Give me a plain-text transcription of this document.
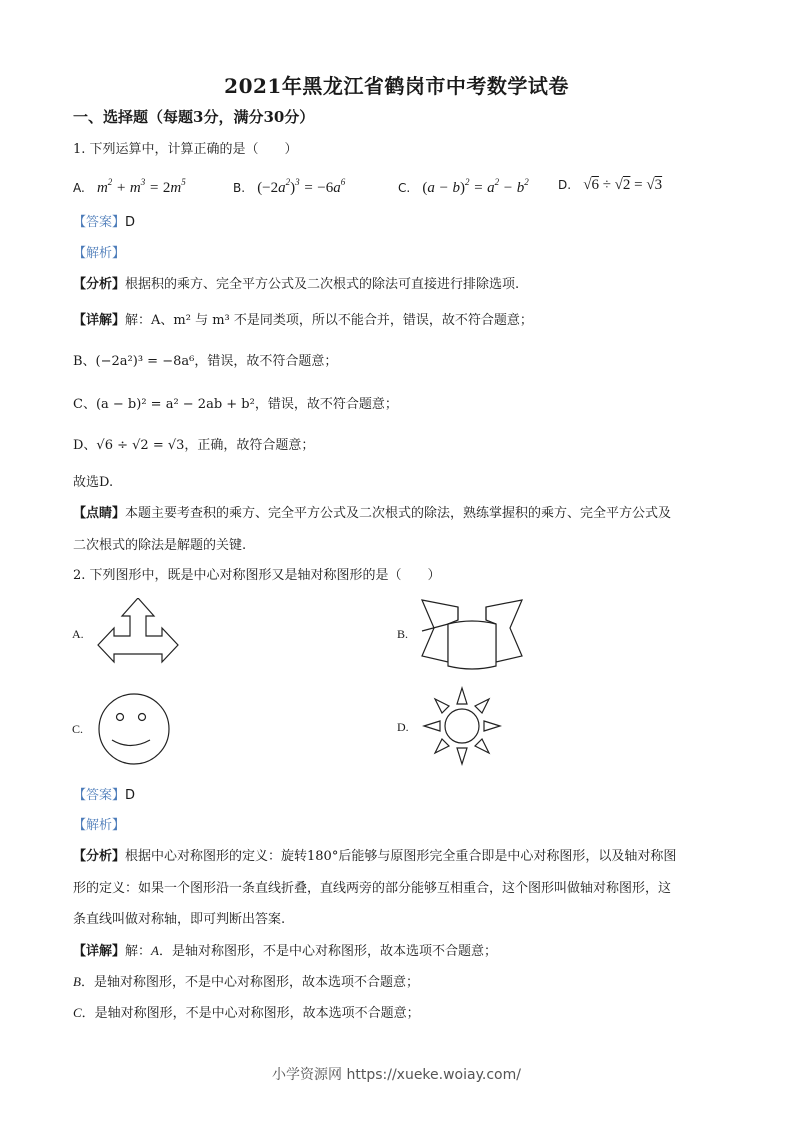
2021年黑龙江省鹤岗市中考数学试卷
一、选择题（每题3分，满分30分）
1. 下列运算中，计算正确的是（　　）
A. $m^2 + m^3 = 2m^5$	B. $(-2a^2)^3 = -6a^6$	C. $(a - b)^2 = a^2 - b^2$ D. √6 ÷ √2 = √3
【答案】D
【解析】
【分析】根据积的乘方、完全平方公式及二次根式的除法可直接进行排除选项.
【详解】解：A、m² 与 m³ 不是同类项，所以不能合并，错误，故不符合题意；
B、(−2a²)³ = −8a⁶，错误，故不符合题意；
C、(a − b)² = a² − 2ab + b²，错误，故不符合题意；
D、√6 ÷ √2 = √3，正确，故符合题意；
故选D.
【点睛】本题主要考查积的乘方、完全平方公式及二次根式的除法，熟练掌握积的乘方、完全平方公式及
二次根式的除法是解题的关键.
2. 下列图形中，既是中心对称图形又是轴对称图形的是（　　）
A.	B.
C.	D.
【答案】D
【解析】
【分析】根据中心对称图形的定义：旋转180°后能够与原图形完全重合即是中心对称图形，以及轴对称图
形的定义：如果一个图形沿一条直线折叠，直线两旁的部分能够互相重合，这个图形叫做轴对称图形，这
条直线叫做对称轴，即可判断出答案.
【详解】解：A．是轴对称图形，不是中心对称图形，故本选项不合题意；
B．是轴对称图形，不是中心对称图形，故本选项不合题意；
C．是轴对称图形，不是中心对称图形，故本选项不合题意；
小学资源网 https://xueke.woiay.com/
